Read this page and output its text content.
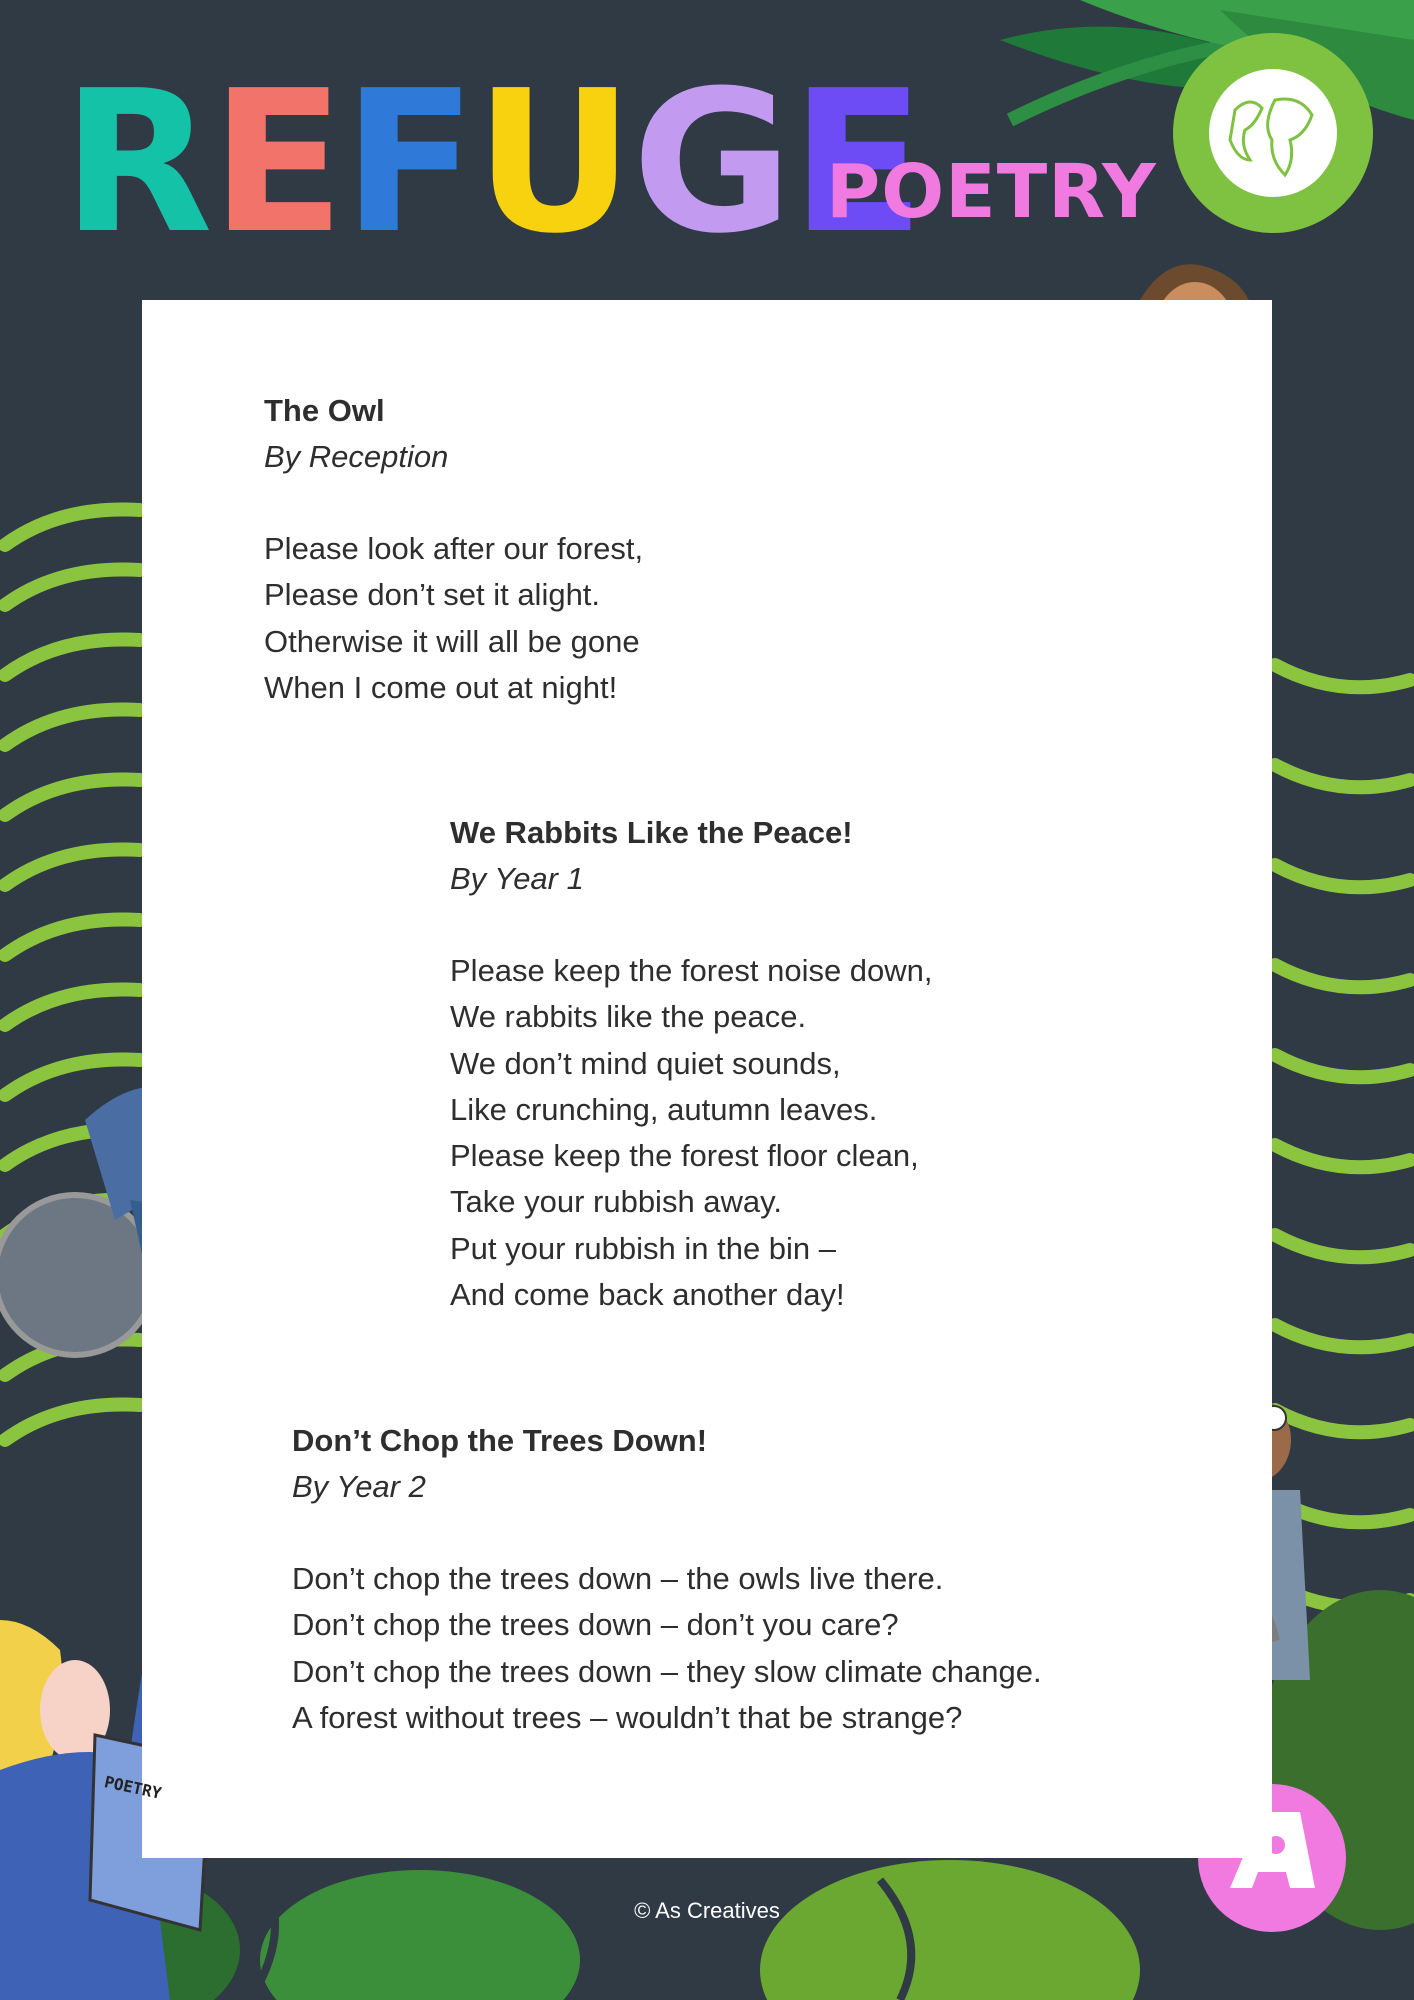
R E F U G E
POETRY
The Owl
By Reception
Please look after our forest,
Please don’t set it alight.
Otherwise it will all be gone
When I come out at night!
We Rabbits Like the Peace!
By Year 1
Please keep the forest noise down,
We rabbits like the peace.
We don’t mind quiet sounds,
Like crunching, autumn leaves.
Please keep the forest floor clean,
Take your rubbish away.
Put your rubbish in the bin –
And come back another day!
Don’t Chop the Trees Down!
By Year 2
Don’t chop the trees down – the owls live there.
Don’t chop the trees down – don’t you care?
Don’t chop the trees down – they slow climate change.
A forest without trees – wouldn’t that be strange?
POETRY
© As Creatives
